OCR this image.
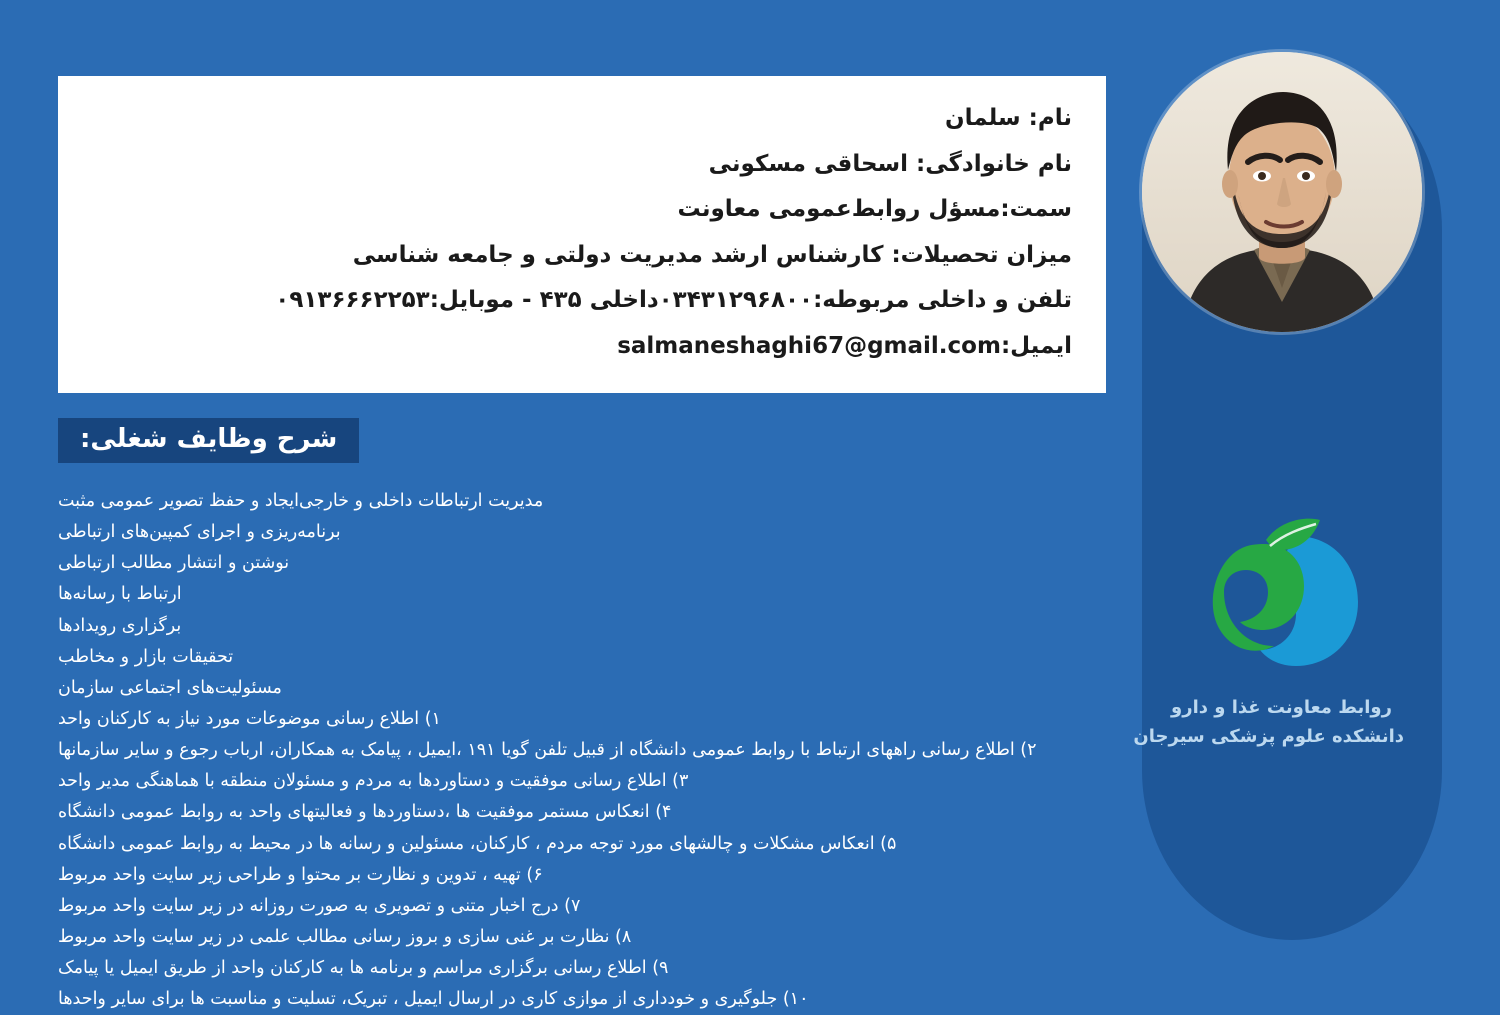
روابط معاونت غذا و دارو
دانشکده علوم پزشکی سیرجان
نام: سلمان
نام خانوادگی: اسحاقی مسکونی
سمت:مسؤل روابط‌عمومی معاونت
میزان تحصیلات: کارشناس ارشد مدیریت دولتی و جامعه شناسی
تلفن و داخلی مربوطه:۰۳۴۳۱۲۹۶۸۰۰داخلی ۴۳۵ - موبایل:۰۹۱۳۶۶۶۲۲۵۳
ایمیل:salmaneshaghi67@gmail.com
شرح وظایف شغلی:
مدیریت ارتباطات داخلی و خارجی‌ایجاد و حفظ تصویر عمومی مثبت
برنامه‌ریزی و اجرای کمپین‌های ارتباطی
نوشتن و انتشار مطالب ارتباطی
ارتباط با رسانه‌ها
برگزاری رویدادها
تحقیقات بازار و مخاطب
مسئولیت‌های اجتماعی سازمان
۱) اطلاع رسانی موضوعات مورد نیاز به کارکنان واحد
۲) اطلاع رسانی راههای ارتباط با روابط عمومی دانشگاه از قبیل تلفن گویا ۱۹۱ ،ایمیل ، پیامک به همکاران، ارباب رجوع و سایر سازمانها
۳) اطلاع رسانی موفقیت و دستاوردها به مردم و مسئولان منطقه با هماهنگی مدیر واحد
۴) انعکاس مستمر موفقیت ها ،دستاوردها و فعالیتهای واحد به روابط عمومی دانشگاه
۵) انعکاس مشکلات و چالشهای مورد توجه مردم ، کارکنان، مسئولین و رسانه ها در محیط به روابط عمومی دانشگاه
۶) تهیه ، تدوین و نظارت بر محتوا و طراحی زیر سایت واحد مربوط
۷) درج اخبار متنی و تصویری به صورت روزانه در زیر سایت واحد مربوط
۸) نظارت بر غنی سازی و بروز رسانی مطالب علمی در زیر سایت واحد مربوط
۹) اطلاع رسانی برگزاری مراسم و برنامه ها به کارکنان واحد از طریق ایمیل یا پیامک
۱۰) جلوگیری و خودداری از موازی کاری در ارسال ایمیل ، تبریک، تسلیت و مناسبت ها برای سایر واحدها
